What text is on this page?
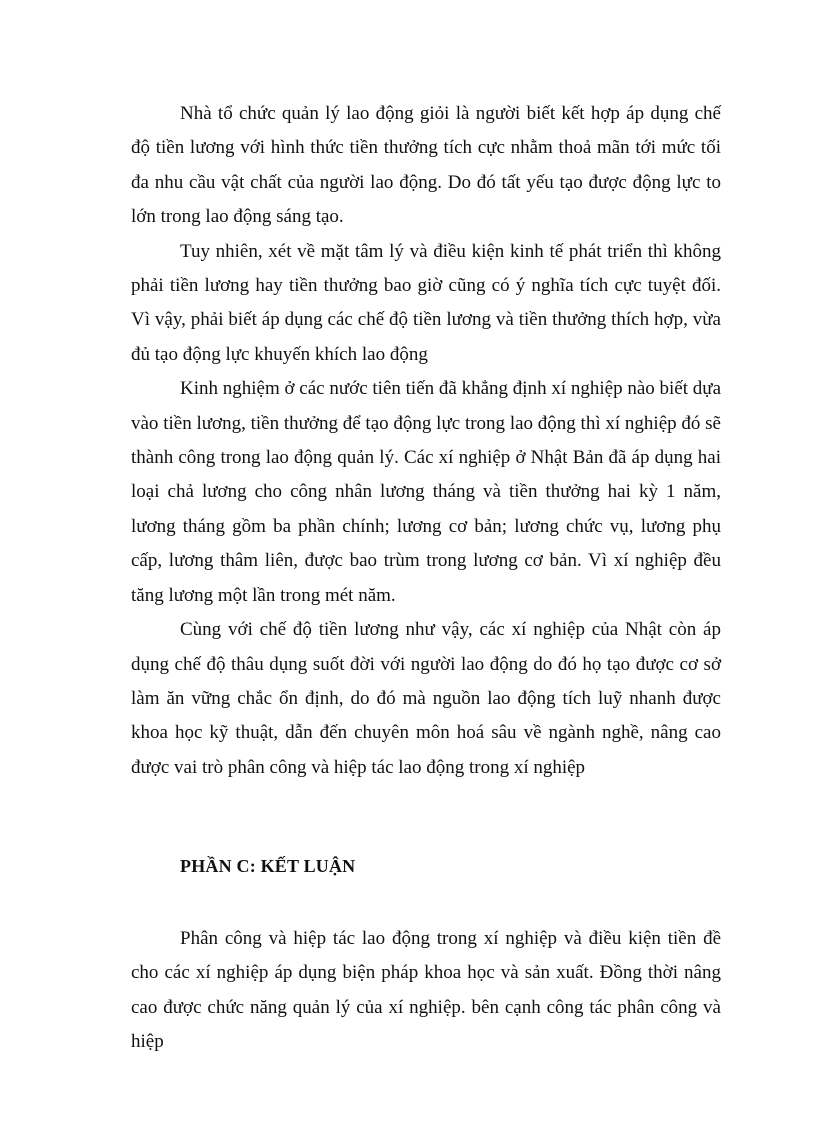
Nhà tổ chức quản lý lao động giỏi là người biết kết hợp áp dụng chế độ tiền lương với hình thức tiền thưởng tích cực nhằm thoả mãn tới mức tối đa nhu cầu vật chất của người lao động. Do đó tất yếu tạo được động lực to lớn trong lao động sáng tạo.

Tuy nhiên, xét về mặt tâm lý và điều kiện kinh tế phát triển thì không phải tiền lương hay tiền thưởng bao giờ cũng có ý nghĩa tích cực tuyệt đối. Vì vậy, phải biết áp dụng các chế độ tiền lương và tiền thưởng thích hợp, vừa đủ tạo động lực khuyến khích lao động

Kinh nghiệm ở các nước tiên tiến đã khẳng định xí nghiệp nào biết dựa vào tiền lương, tiền thưởng để tạo động lực trong lao động thì xí nghiệp đó sẽ thành công trong lao động quản lý. Các xí nghiệp ở Nhật Bản đã áp dụng hai loại chả lương cho công nhân lương tháng và tiền thưởng hai kỳ 1 năm, lương tháng gồm ba phần chính; lương cơ bản; lương chức vụ, lương phụ cấp, lương thâm liên, được bao trùm trong lương cơ bản. Vì xí nghiệp đều tăng lương một lần trong mét năm.

Cùng với chế độ tiền lương như vậy, các xí nghiệp của Nhật còn áp dụng chế độ thâu dụng suốt đời với người lao động do đó họ tạo được cơ sở làm ăn vững chắc ổn định, do đó mà nguồn lao động tích luỹ nhanh được khoa học kỹ thuật, dẫn đến chuyên môn hoá sâu về ngành nghề, nâng cao được vai trò phân công và hiệp tác lao động trong xí nghiệp

PHẦN C: KẾT LUẬN

Phân công và hiệp tác lao động trong xí nghiệp và điều kiện tiền đề cho các xí nghiệp áp dụng biện pháp khoa học và sản xuất. Đồng thời nâng cao được chức năng quản lý của xí nghiệp. bên cạnh công tác phân công và hiệp
